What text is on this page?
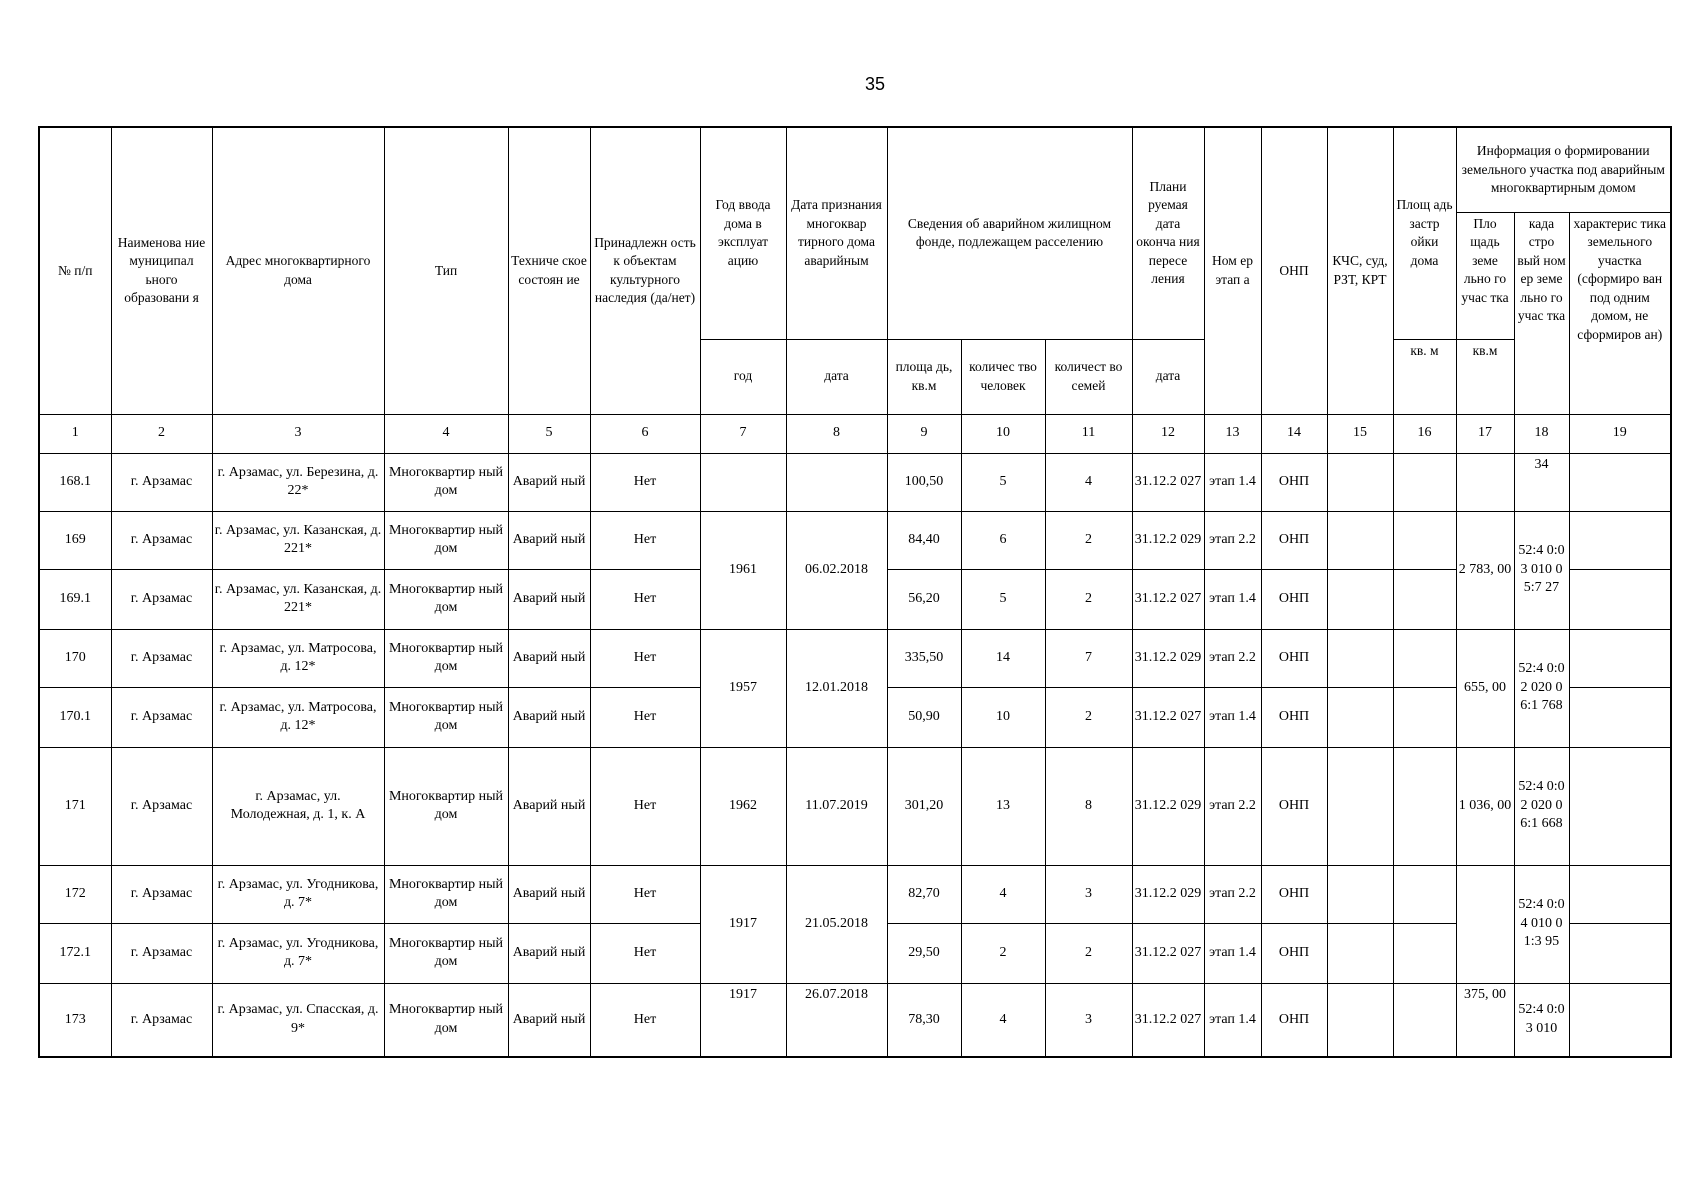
35
№ п/п	Наименова ние муниципал ьного образовани я	Адрес многоквартирного дома	Тип	Техниче ское состоян ие	Принадлежн ость к объектам культурного наследия (да/нет)	Год ввода дома в эксплуат ацию	Дата признания многоквар тирного дома аварийным	Сведения об аварийном жилищном фонде, подлежащем расселению			Плани руемая дата оконча ния пересе ления	Ном ер этап а	ОНП	КЧС, суд, РЗТ, КРТ	Площ адь застр ойки дома	Информация о формировании земельного участка под аварийным многоквартирным домом		
																Пло щадь земе льно го учас тка	када стро вый ном ер земе льно го учас тка	характерис тика земельного участка (сформиро ван под одним домом, не сформиров ан)
						год	дата	площа дь, кв.м	количес тво человек	количест во семей	дата				кв. м	кв.м		
1	2	3	4	5	6	7	8	9	10	11	12	13	14	15	16	17	18	19
168.1	г. Арзамас	г. Арзамас, ул. Березина, д. 22*	Многоквартир ный дом	Аварий ный	Нет			100,50	5	4	31.12.2 027	этап 1.4	ОНП				34	
169	г. Арзамас	г. Арзамас, ул. Казанская, д. 221*	Многоквартир ный дом	Аварий ный	Нет	1961	06.02.2018	84,40	6	2	31.12.2 029	этап 2.2	ОНП			2 783, 00	52:4 0:03 010 05:7 27	
169.1	г. Арзамас	г. Арзамас, ул. Казанская, д. 221*	Многоквартир ный дом	Аварий ный	Нет			56,20	5	2	31.12.2 027	этап 1.4	ОНП					
170	г. Арзамас	г. Арзамас, ул. Матросова, д. 12*	Многоквартир ный дом	Аварий ный	Нет	1957	12.01.2018	335,50	14	7	31.12.2 029	этап 2.2	ОНП			655, 00	52:4 0:02 020 06:1 768	
170.1	г. Арзамас	г. Арзамас, ул. Матросова, д. 12*	Многоквартир ный дом	Аварий ный	Нет			50,90	10	2	31.12.2 027	этап 1.4	ОНП					
171	г. Арзамас	г. Арзамас, ул. Молодежная, д. 1, к. А	Многоквартир ный дом	Аварий ный	Нет	1962	11.07.2019	301,20	13	8	31.12.2 029	этап 2.2	ОНП			1 036, 00	52:4 0:02 020 06:1 668	
172	г. Арзамас	г. Арзамас, ул. Угодникова, д. 7*	Многоквартир ный дом	Аварий ный	Нет	1917	21.05.2018	82,70	4	3	31.12.2 029	этап 2.2	ОНП				52:4 0:04 010 01:3 95	
172.1	г. Арзамас	г. Арзамас, ул. Угодникова, д. 7*	Многоквартир ный дом	Аварий ный	Нет			29,50	2	2	31.12.2 027	этап 1.4	ОНП					
173	г. Арзамас	г. Арзамас, ул. Спасская, д. 9*	Многоквартир ный дом	Аварий ный	Нет	1917	26.07.2018	78,30	4	3	31.12.2 027	этап 1.4	ОНП			375, 00	52:4 0:03 010	
